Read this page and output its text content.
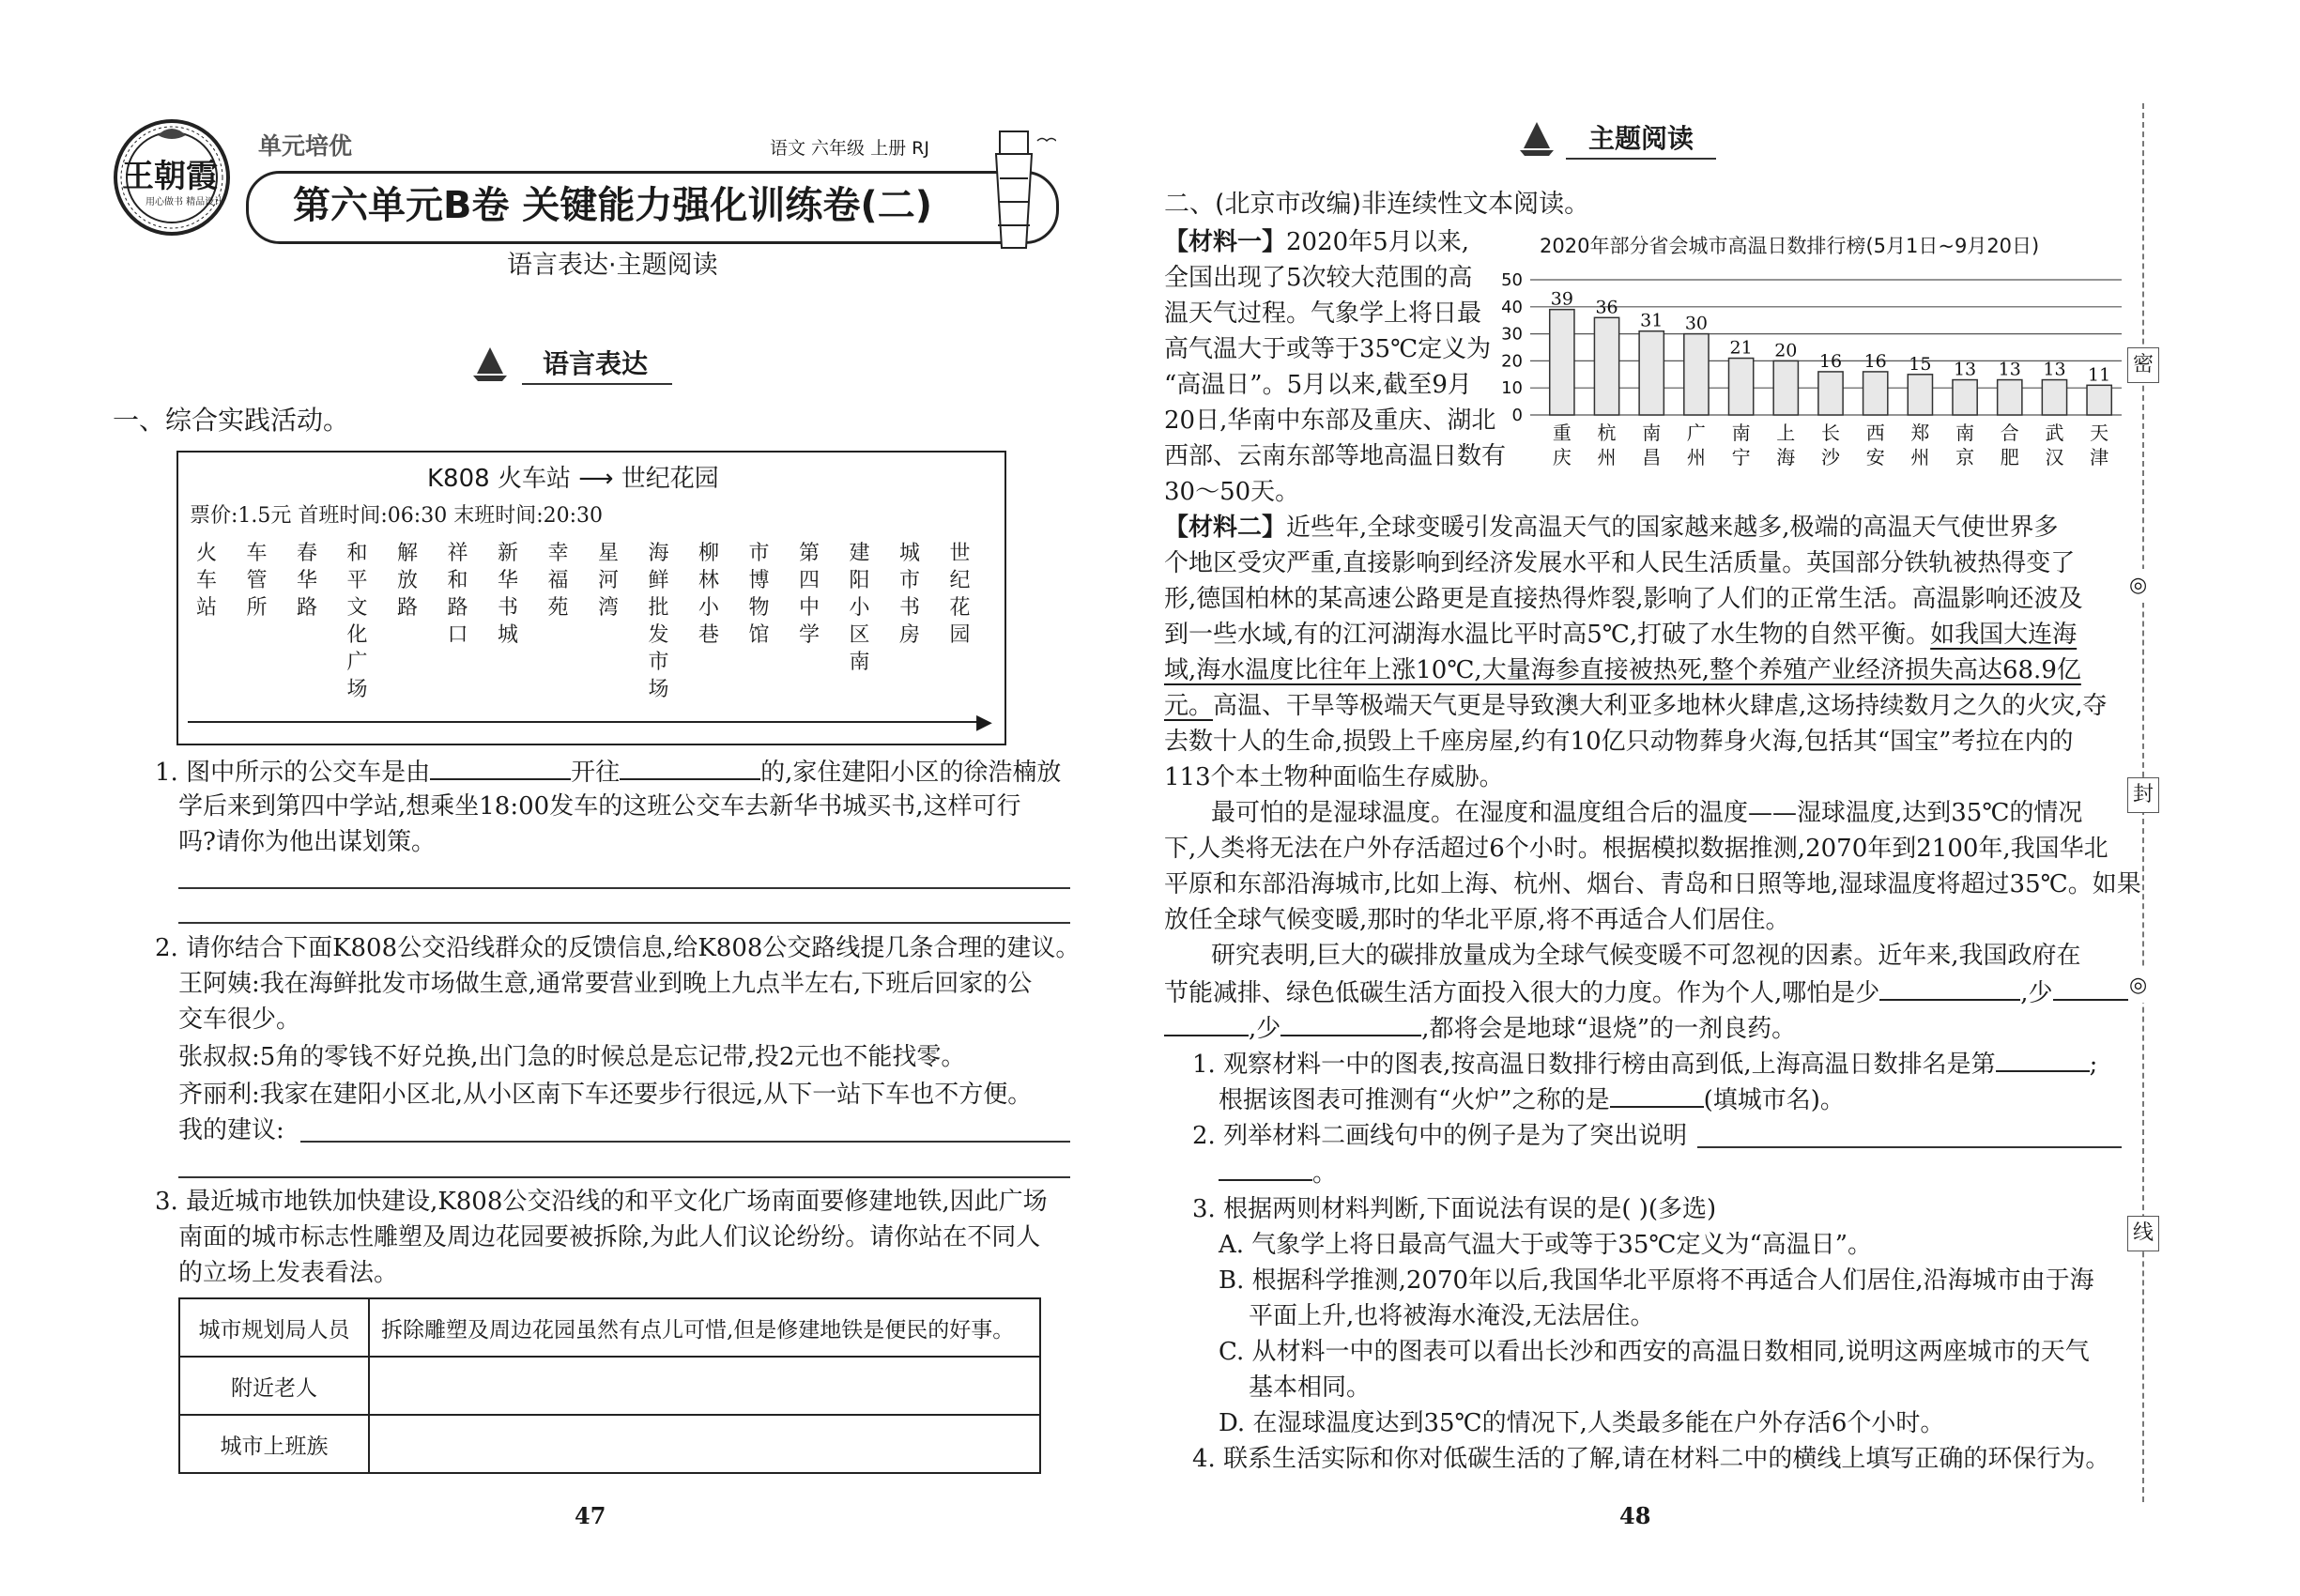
王朝霞
用心做书 精品设计
单元培优	语文 六年级 上册 RJ
第六单元B卷 关键能力强化训练卷(二)
语言表达·主题阅读
语言表达
一、综合实践活动。
K808 火车站 ⟶ 世纪花园
票价:1.5元 首班时间:06:30 末班时间:20:30
火车站
车管所
春华路
和平文化广场
解放路
祥和路口
新华书城
幸福苑
星河湾
海鲜批发市场
柳林小巷
市博物馆
第四中学
建阳小区南
城市书房
世纪花园
▶
1. 图中所示的公交车是由	开往	的,家住建阳小区的徐浩楠放
学后来到第四中学站,想乘坐18:00发车的这班公交车去新华书城买书,这样可行
吗?请你为他出谋划策。
2. 请你结合下面K808公交沿线群众的反馈信息,给K808公交路线提几条合理的建议。
王阿姨:我在海鲜批发市场做生意,通常要营业到晚上九点半左右,下班后回家的公
交车很少。
张叔叔:5角的零钱不好兑换,出门急的时候总是忘记带,投2元也不能找零。
齐丽利:我家在建阳小区北,从小区南下车还要步行很远,从下一站下车也不方便。
我的建议:
3. 最近城市地铁加快建设,K808公交沿线的和平文化广场南面要修建地铁,因此广场
南面的城市标志性雕塑及周边花园要被拆除,为此人们议论纷纷。请你站在不同人
的立场上发表看法。
城市规划局人员	拆除雕塑及周边花园虽然有点儿可惜,但是修建地铁是便民的好事。
附近老人	
城市上班族	
47
主题阅读
二、(北京市改编)非连续性文本阅读。
【材料一】2020年5月以来,
全国出现了5次较大范围的高
温天气过程。气象学上将日最
高气温大于或等于35℃定义为
“高温日”。5月以来,截至9月
20日,华南中东部及重庆、湖北
西部、云南东部等地高温日数有
30～50天。
2020年部分省会城市高温日数排行榜(5月1日~9月20日)
0
10
20
30
40
50
39
重
庆
36
杭
州
31
南
昌
30
广
州
21
南
宁
20
上
海
16
长
沙
16
西
安
15
郑
州
13
南
京
13
合
肥
13
武
汉
11
天
津
【材料二】近些年,全球变暖引发高温天气的国家越来越多,极端的高温天气使世界多
个地区受灾严重,直接影响到经济发展水平和人民生活质量。英国部分铁轨被热得变了
形,德国柏林的某高速公路更是直接热得炸裂,影响了人们的正常生活。高温影响还波及
到一些水域,有的江河湖海水温比平时高5℃,打破了水生物的自然平衡。如我国大连海
域,海水温度比往年上涨10℃,大量海参直接被热死,整个养殖产业经济损失高达68.9亿
元。高温、干旱等极端天气更是导致澳大利亚多地林火肆虐,这场持续数月之久的火灾,夺
去数十人的生命,损毁上千座房屋,约有10亿只动物葬身火海,包括其“国宝”考拉在内的
113个本土物种面临生存威胁。
最可怕的是湿球温度。在湿度和温度组合后的温度——湿球温度,达到35℃的情况
下,人类将无法在户外存活超过6个小时。根据模拟数据推测,2070年到2100年,我国华北
平原和东部沿海城市,比如上海、杭州、烟台、青岛和日照等地,湿球温度将超过35℃。如果
放任全球气候变暖,那时的华北平原,将不再适合人们居住。
研究表明,巨大的碳排放量成为全球气候变暖不可忽视的因素。近年来,我国政府在
节能减排、绿色低碳生活方面投入很大的力度。作为个人,哪怕是少	,少
,少	,都将会是地球“退烧”的一剂良药。
1. 观察材料一中的图表,按高温日数排行榜由高到低,上海高温日数排名是第	;
根据该图表可推测有“火炉”之称的是	(填城市名)。
2. 列举材料二画线句中的例子是为了突出说明
。
3. 根据两则材料判断,下面说法有误的是( )(多选)
A. 气象学上将日最高气温大于或等于35℃定义为“高温日”。
B. 根据科学推测,2070年以后,我国华北平原将不再适合人们居住,沿海城市由于海
平面上升,也将被海水淹没,无法居住。
C. 从材料一中的图表可以看出长沙和西安的高温日数相同,说明这两座城市的天气
基本相同。
D. 在湿球温度达到35℃的情况下,人类最多能在户外存活6个小时。
4. 联系生活实际和你对低碳生活的了解,请在材料二中的横线上填写正确的环保行为。
48
密
封
线
◎
◎
